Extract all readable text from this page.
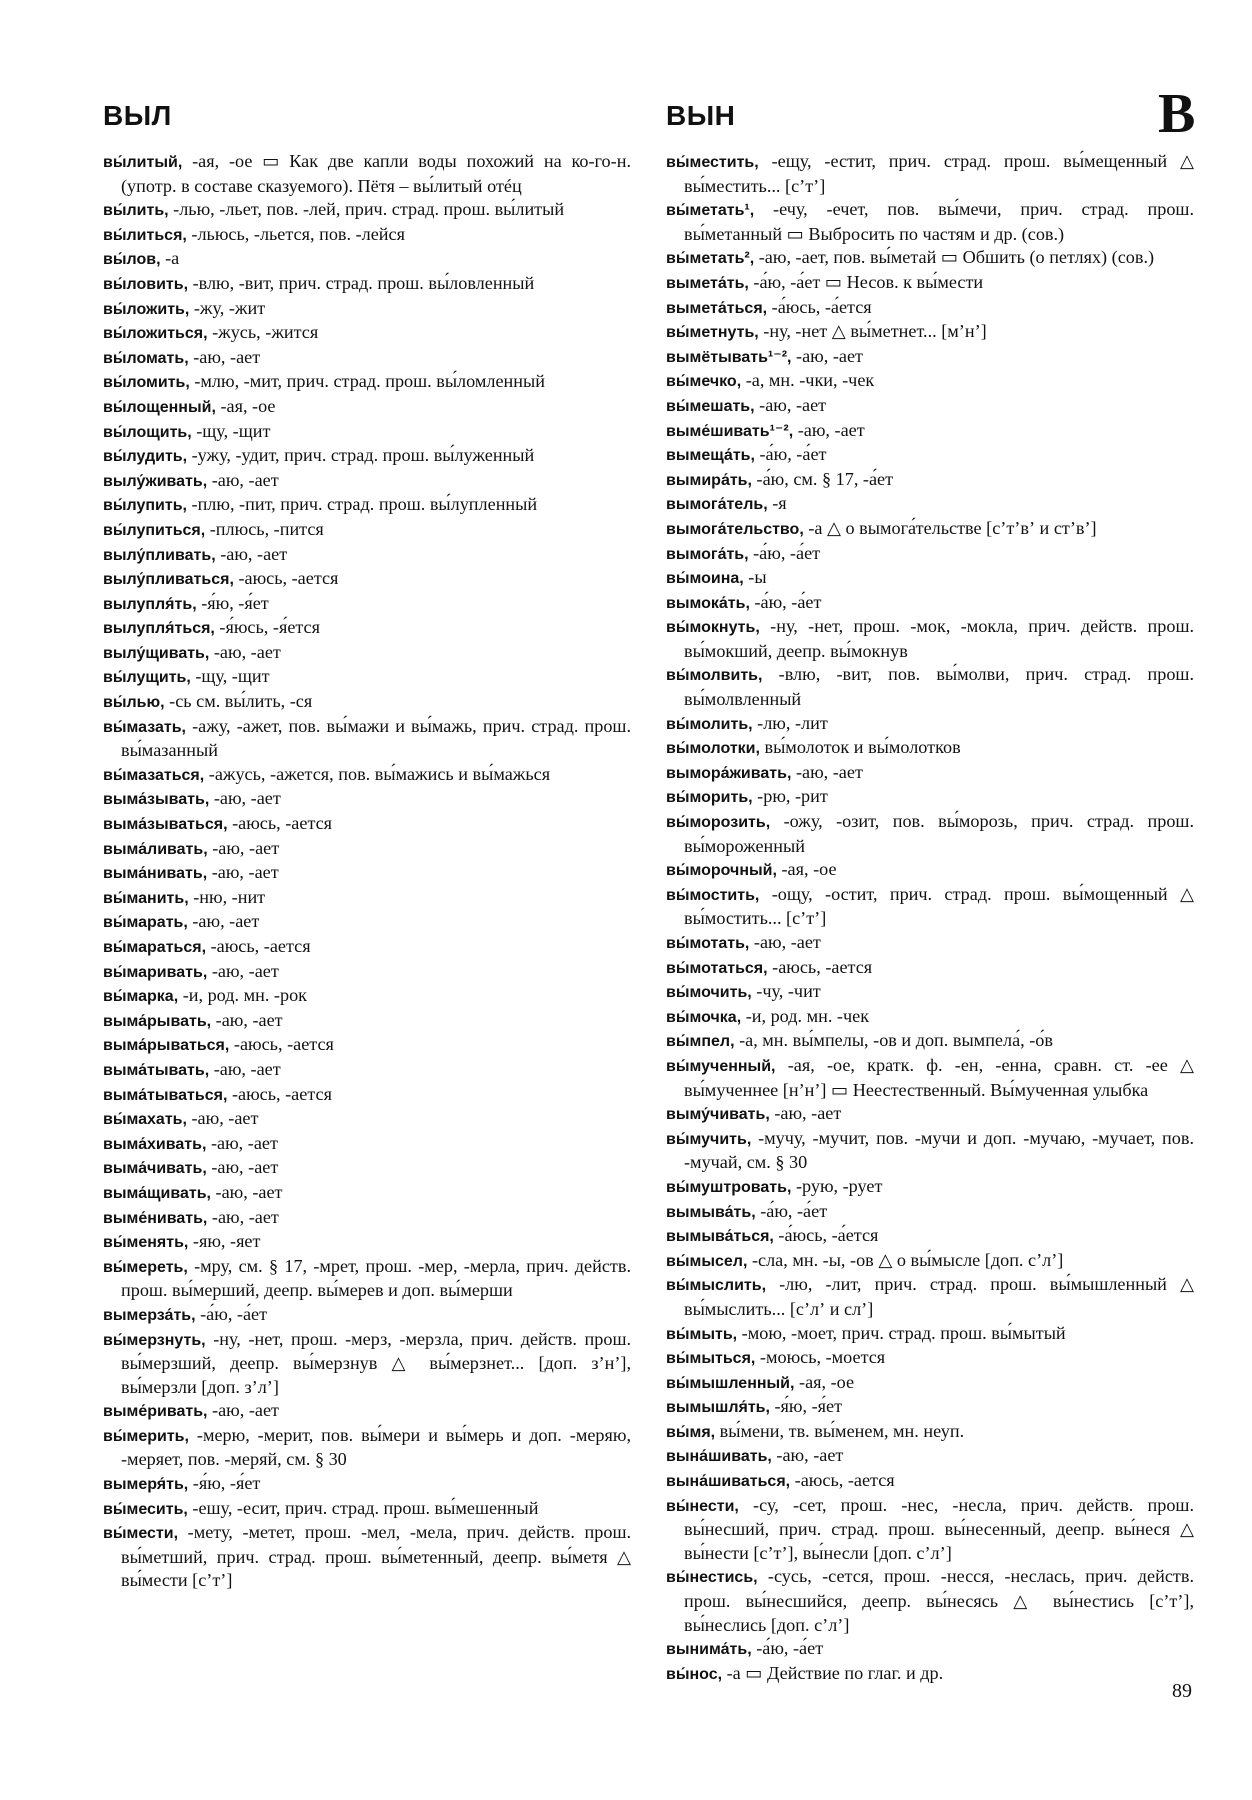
ВЫЛ	ВЫН	В

вы́литый, -ая, -ое ▭ Как две капли воды похожий на ко-го-н. (употр. в составе сказуемого). Пётя – вы́литый отéц

вы́лить, -лью, -льет, пов. -лей, прич. страд. прош. вы́литый

вы́литься, -льюсь, -льется, пов. -лейся

вы́лов, -а

вы́ловить, -влю, -вит, прич. страд. прош. вы́ловленный

вы́ложить, -жу, -жит

вы́ложиться, -жусь, -жится

вы́ломать, -аю, -ает

вы́ломить, -млю, -мит, прич. страд. прош. вы́ломленный

вы́лощенный, -ая, -ое

вы́лощить, -щу, -щит

вы́лудить, -ужу, -удит, прич. страд. прош. вы́луженный

вылу́живать, -аю, -ает

вы́лупить, -плю, -пит, прич. страд. прош. вы́лупленный

вы́лупиться, -плюсь, -пится

вылу́пливать, -аю, -ает

вылу́пливаться, -аюсь, -ается

вылупля́ть, -я́ю, -я́ет

вылупля́ться, -я́юсь, -я́ется

вылу́щивать, -аю, -ает

вы́лущить, -щу, -щит

вы́лью, -сь см. вы́лить, -ся

вы́мазать, -ажу, -ажет, пов. вы́мажи и вы́мажь, прич. страд. прош. вы́мазанный

вы́мазаться, -ажусь, -ажется, пов. вы́мажись и вы́мажься

выма́зывать, -аю, -ает

выма́зываться, -аюсь, -ается

выма́ливать, -аю, -ает

выма́нивать, -аю, -ает

вы́манить, -ню, -нит

вы́марать, -аю, -ает

вы́мараться, -аюсь, -ается

вы́маривать, -аю, -ает

вы́марка, -и, род. мн. -рок

выма́рывать, -аю, -ает

выма́рываться, -аюсь, -ается

выма́тывать, -аю, -ает

выма́тываться, -аюсь, -ается

вы́махать, -аю, -ает

выма́хивать, -аю, -ает

выма́чивать, -аю, -ает

выма́щивать, -аю, -ает

выме́нивать, -аю, -ает

вы́менять, -яю, -яет

вы́мереть, -мру, см. § 17, -мрет, прош. -мер, -мерла, прич. действ. прош. вы́мерший, деепр. вы́мерев и доп. вы́мерши

вымерза́ть, -а́ю, -а́ет

вы́мерзнуть, -ну, -нет, прош. -мерз, -мерзла, прич. действ. прош. вы́мерзший, деепр. вы́мерзнув △ вы́мерзнет... [доп. зʼнʼ], вы́мерзли [доп. зʼлʼ]

выме́ривать, -аю, -ает

вы́мерить, -мерю, -мерит, пов. вы́мери и вы́мерь и доп. -меряю, -меряет, пов. -меряй, см. § 30

вымеря́ть, -я́ю, -я́ет

вы́месить, -ешу, -есит, прич. страд. прош. вы́мешенный

вы́мести, -мету, -метет, прош. -мел, -мела, прич. действ. прош. вы́метший, прич. страд. прош. вы́метенный, деепр. вы́метя △ вы́мести [сʼтʼ]

вы́местить, -ещу, -естит, прич. страд. прош. вы́мещенный △ вы́местить... [сʼтʼ]

вы́метать¹, -ечу, -ечет, пов. вы́мечи, прич. страд. прош. вы́метанный ▭ Выбросить по частям и др. (сов.)

вы́метать², -аю, -ает, пов. вы́метай ▭ Обшить (о петлях) (сов.)

вымета́ть, -а́ю, -а́ет ▭ Несов. к вы́мести

вымета́ться, -а́юсь, -а́ется

вы́метнуть, -ну, -нет △ вы́метнет... [мʼнʼ]

вымётывать¹⁻², -аю, -ает

вы́мечко, -а, мн. -чки, -чек

вы́мешать, -аю, -ает

выме́шивать¹⁻², -аю, -ает

вымеща́ть, -а́ю, -а́ет

вымира́ть, -а́ю, см. § 17, -а́ет

вымога́тель, -я

вымога́тельство, -а △ о вымога́тельстве [сʼтʼвʼ и стʼвʼ]

вымога́ть, -а́ю, -а́ет

вы́моина, -ы

вымока́ть, -а́ю, -а́ет

вы́мокнуть, -ну, -нет, прош. -мок, -мокла, прич. действ. прош. вы́мокший, деепр. вы́мокнув

вы́молвить, -влю, -вит, пов. вы́молви, прич. страд. прош. вы́молвленный

вы́молить, -лю, -лит

вы́молотки, вы́молоток и вы́молотков

вымора́живать, -аю, -ает

вы́морить, -рю, -рит

вы́морозить, -ожу, -озит, пов. вы́морозь, прич. страд. прош. вы́мороженный

вы́морочный, -ая, -ое

вы́мостить, -ощу, -остит, прич. страд. прош. вы́мощенный △ вы́мостить... [сʼтʼ]

вы́мотать, -аю, -ает

вы́мотаться, -аюсь, -ается

вы́мочить, -чу, -чит

вы́мочка, -и, род. мн. -чек

вы́мпел, -а, мн. вы́мпелы, -ов и доп. вымпела́, -о́в

вы́мученный, -ая, -ое, кратк. ф. -ен, -енна, сравн. ст. -ее △ вы́мученнее [нʼнʼ] ▭ Неестественный. Вы́мученная улыбка

выму́чивать, -аю, -ает

вы́мучить, -мучу, -мучит, пов. -мучи и доп. -мучаю, -мучает, пов. -мучай, см. § 30

вы́муштровать, -рую, -рует

вымыва́ть, -а́ю, -а́ет

вымыва́ться, -а́юсь, -а́ется

вы́мысел, -сла, мн. -ы, -ов △ о вы́мысле [доп. сʼлʼ]

вы́мыслить, -лю, -лит, прич. страд. прош. вы́мышленный △ вы́мыслить... [сʼлʼ и слʼ]

вы́мыть, -мою, -моет, прич. страд. прош. вы́мытый

вы́мыться, -моюсь, -моется

вы́мышленный, -ая, -ое

вымышля́ть, -я́ю, -я́ет

вы́мя, вы́мени, тв. вы́менем, мн. неуп.

вына́шивать, -аю, -ает

вына́шиваться, -аюсь, -ается

вы́нести, -су, -сет, прош. -нес, -несла, прич. действ. прош. вы́несший, прич. страд. прош. вы́несенный, деепр. вы́неся △ вы́нести [сʼтʼ], вы́несли [доп. сʼлʼ]

вы́нестись, -сусь, -сется, прош. -несся, -неслась, прич. действ. прош. вы́несшийся, деепр. вы́несясь △ вы́нестись [сʼтʼ], вы́неслись [доп. сʼлʼ]

вынима́ть, -а́ю, -а́ет

вы́нос, -а ▭ Действие по глаг. и др.

89
